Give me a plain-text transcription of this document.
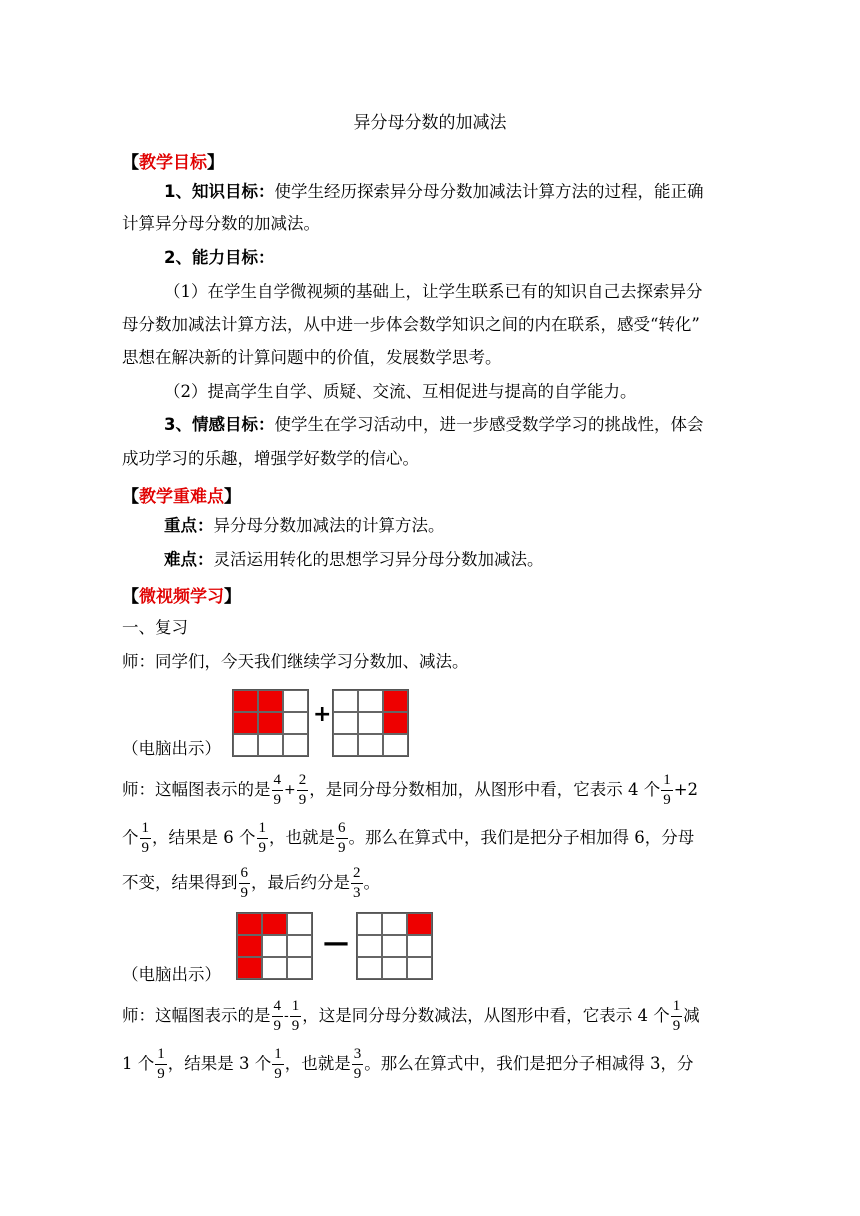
异分母分数的加减法
【教学目标】
1、知识目标：使学生经历探索异分母分数加减法计算方法的过程，能正确
计算异分母分数的加减法。
2、能力目标：
（1）在学生自学微视频的基础上，让学生联系已有的知识自己去探索异分
母分数加减法计算方法，从中进一步体会数学知识之间的内在联系，感受“转化”
思想在解决新的计算问题中的价值，发展数学思考。
（2）提高学生自学、质疑、交流、互相促进与提高的自学能力。
3、情感目标：使学生在学习活动中，进一步感受数学学习的挑战性，体会
成功学习的乐趣，增强学好数学的信心。
【教学重难点】
重点：异分母分数加减法的计算方法。
难点：灵活运用转化的思想学习异分母分数加减法。
【微视频学习】
一、复习
师：同学们，今天我们继续学习分数加、减法。
+
（电脑出示）
师：这幅图表示的是 $\frac{4}{9} + \frac{2}{9}$ ，是同分母分数相加，从图形中看，它表示 4 个 $\frac{1}{9} +2$
个 $\frac{1}{9}$ ，结果是 6 个 $\frac{1}{9}$ ，也就是 $\frac{6}{9}$ 。那么在算式中，我们是把分子相加得 6，分母
不变，结果得到 $\frac{6}{9}$ ，最后约分是 $\frac{2}{3}$ 。
—
（电脑出示）
师：这幅图表示的是 $\frac{4}{9} - \frac{1}{9}$ ，这是同分母分数减法，从图形中看，它表示 4 个 $\frac{1}{9}$ 减
1 个 $\frac{1}{9}$ ，结果是 3 个 $\frac{1}{9}$ ，也就是 $\frac{3}{9}$ 。那么在算式中，我们是把分子相减得 3，分
